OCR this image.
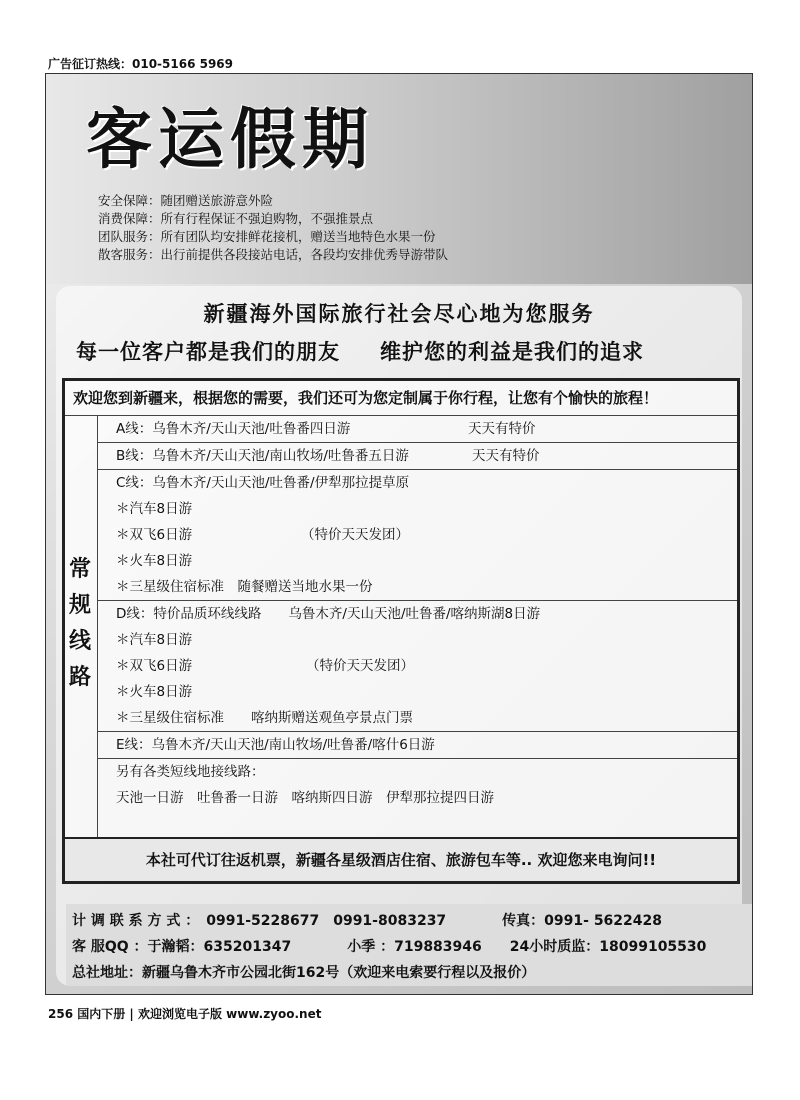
广告征订热线：010-5166 5969
客运假期
安全保障：随团赠送旅游意外险
消费保障：所有行程保证不强迫购物，不强推景点
团队服务：所有团队均安排鲜花接机，赠送当地特色水果一份
散客服务：出行前提供各段接站电话，各段均安排优秀导游带队
新疆海外国际旅行社会尽心地为您服务
每一位客户都是我们的朋友 维护您的利益是我们的追求
欢迎您到新疆来，根据您的需要，我们还可为您定制属于你行程，让您有个愉快的旅程！
常
规
线
路
A线：乌鲁木齐/天山天池/吐鲁番四日游	天天有特价
B线：乌鲁木齐/天山天池/南山牧场/吐鲁番五日游	天天有特价
C线：乌鲁木齐/天山天池/吐鲁番/伊犁那拉提草原
＊汽车8日游
＊双飞6日游	（特价天天发团）
＊火车8日游
＊三星级住宿标准　随餐赠送当地水果一份
D线：特价品质环线线路　　乌鲁木齐/天山天池/吐鲁番/喀纳斯湖8日游
＊汽车8日游
＊双飞6日游	（特价天天发团）
＊火车8日游
＊三星级住宿标准　　喀纳斯赠送观鱼亭景点门票
E线：乌鲁木齐/天山天池/南山牧场/吐鲁番/喀什6日游
另有各类短线地接线路：
天池一日游　吐鲁番一日游　喀纳斯四日游　伊犁那拉提四日游
本社可代订往返机票，新疆各星级酒店住宿、旅游包车等.. 欢迎您来电询问!!
计 调 联 系 方 式 ：　0991-5228677　0991-8083237　　　　传真：0991- 5622428
客 服QQ ：于瀚韬：635201347　　　　小季 ：719883946　　24小时质监：18099105530
总社地址：新疆乌鲁木齐市公园北街162号（欢迎来电索要行程以及报价）
256 国内下册 | 欢迎浏览电子版 www.zyoo.net
